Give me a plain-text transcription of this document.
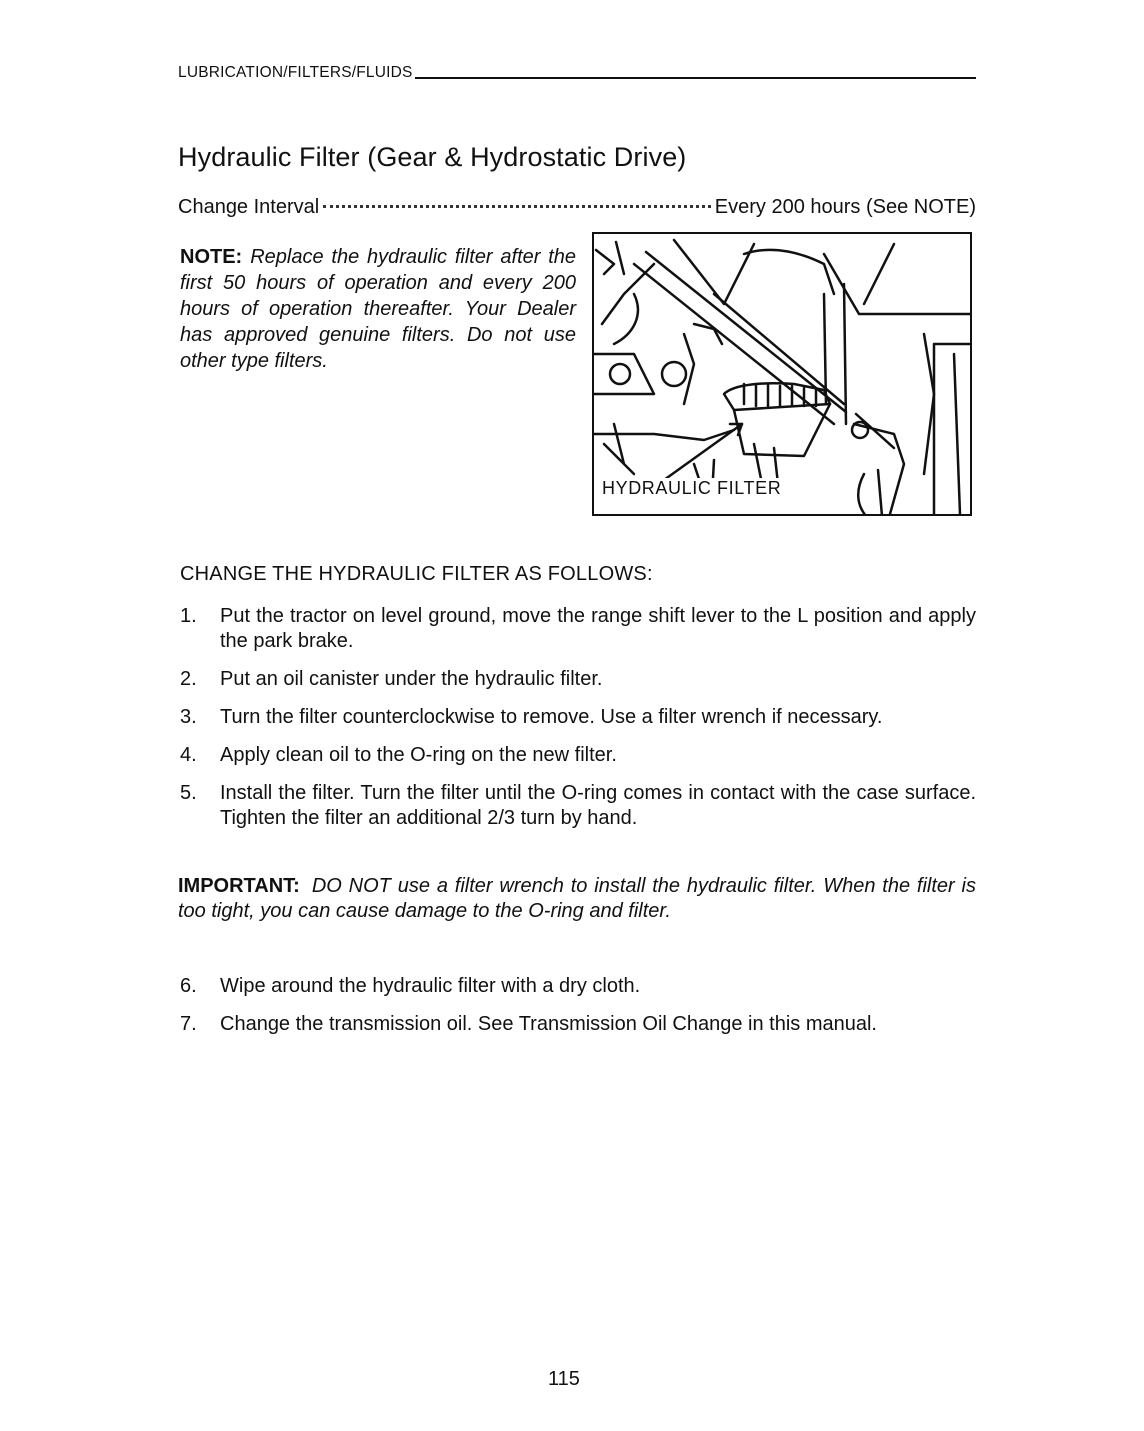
LUBRICATION/FILTERS/FLUIDS
Hydraulic Filter (Gear & Hydrostatic Drive)
Change Interval	Every 200 hours (See NOTE)
NOTE: Replace the hydraulic filter after the first 50 hours of operation and every 200 hours of operation thereafter. Your Dealer has approved genuine filters. Do not use other type filters.
HYDRAULIC FILTER
CHANGE THE HYDRAULIC FILTER AS FOLLOWS:
1.	Put the tractor on level ground, move the range shift lever to the L position and apply the park brake.
2.	Put an oil canister under the hydraulic filter.
3.	Turn the filter counterclockwise to remove. Use a filter wrench if necessary.
4.	Apply clean oil to the O-ring on the new filter.
5.	Install the filter. Turn the filter until the O-ring comes in contact with the case surface. Tighten the filter an additional 2/3 turn by hand.
IMPORTANT: DO NOT use a filter wrench to install the hydraulic filter. When the filter is too tight, you can cause damage to the O-ring and filter.
6.	Wipe around the hydraulic filter with a dry cloth.
7.	Change the transmission oil. See Transmission Oil Change in this manual.
115
